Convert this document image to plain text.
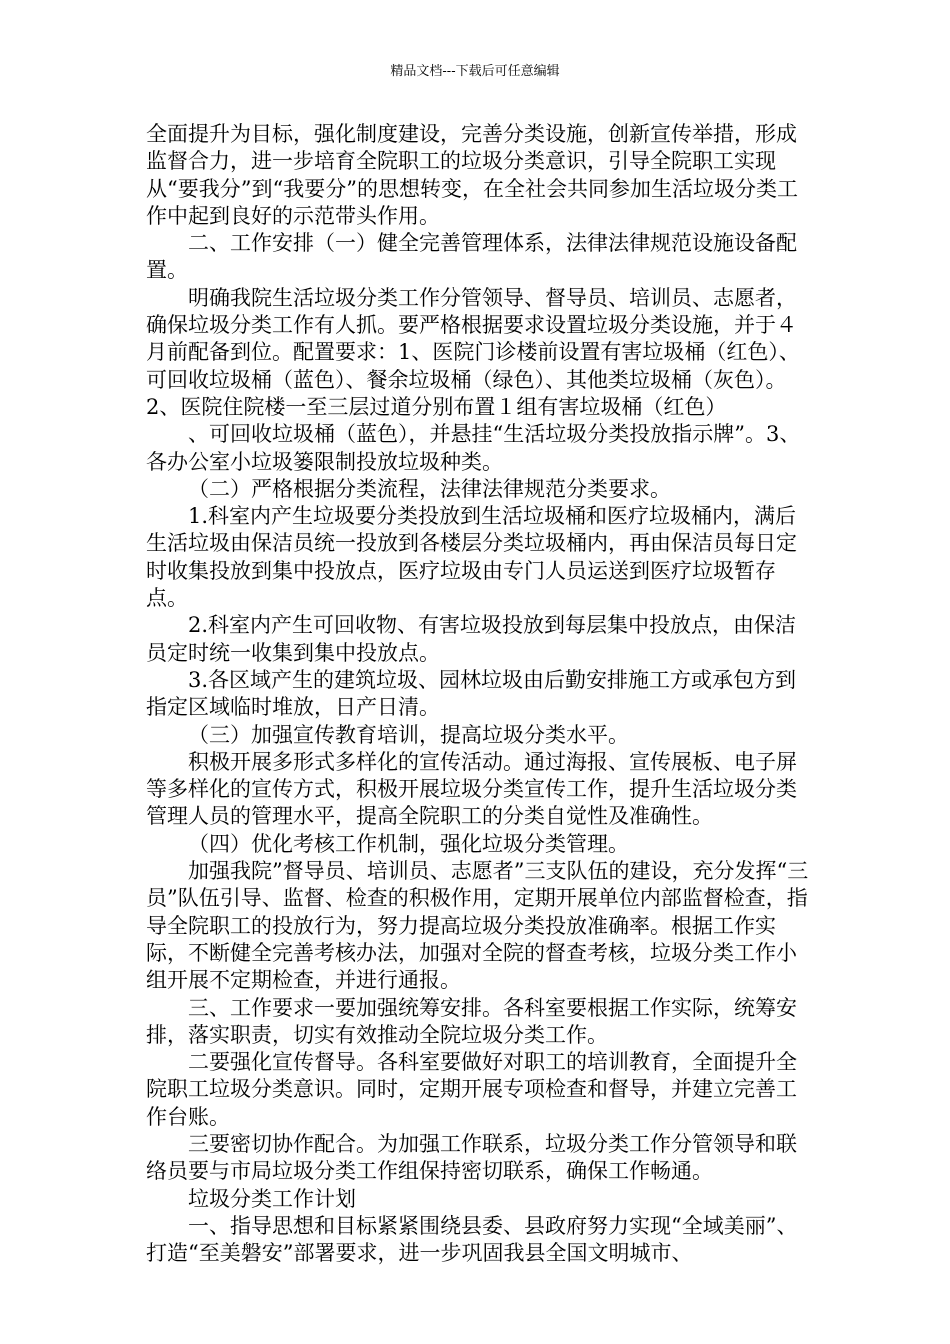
精品文档---下载后可任意编辑

全面提升为目标，强化制度建设，完善分类设施，创新宣传举措，形成监督合力，进一步培育全院职工的垃圾分类意识，引导全院职工实现从“要我分”到“我要分”的思想转变，在全社会共同参加生活垃圾分类工作中起到良好的示范带头作用。

二、工作安排（一）健全完善管理体系，法律法律规范设施设备配置。

明确我院生活垃圾分类工作分管领导、督导员、培训员、志愿者，确保垃圾分类工作有人抓。要严格根据要求设置垃圾分类设施，并于４月前配备到位。配置要求：1、医院门诊楼前设置有害垃圾桶（红色）、可回收垃圾桶（蓝色）、餐余垃圾桶（绿色）、其他类垃圾桶（灰色）。2、医院住院楼一至三层过道分别布置１组有害垃圾桶（红色）

、可回收垃圾桶（蓝色），并悬挂“生活垃圾分类投放指示牌”。3、各办公室小垃圾篓限制投放垃圾种类。

（二）严格根据分类流程，法律法律规范分类要求。

1.科室内产生垃圾要分类投放到生活垃圾桶和医疗垃圾桶内，满后生活垃圾由保洁员统一投放到各楼层分类垃圾桶内，再由保洁员每日定时收集投放到集中投放点，医疗垃圾由专门人员运送到医疗垃圾暂存点。

2.科室内产生可回收物、有害垃圾投放到每层集中投放点，由保洁员定时统一收集到集中投放点。

3.各区域产生的建筑垃圾、园林垃圾由后勤安排施工方或承包方到指定区域临时堆放，日产日清。

（三）加强宣传教育培训，提高垃圾分类水平。

积极开展多形式多样化的宣传活动。通过海报、宣传展板、电子屏等多样化的宣传方式，积极开展垃圾分类宣传工作，提升生活垃圾分类管理人员的管理水平，提高全院职工的分类自觉性及准确性。

（四）优化考核工作机制，强化垃圾分类管理。

加强我院”督导员、培训员、志愿者”三支队伍的建设，充分发挥“三员”队伍引导、监督、检查的积极作用，定期开展单位内部监督检查，指导全院职工的投放行为，努力提高垃圾分类投放准确率。根据工作实际，不断健全完善考核办法，加强对全院的督查考核，垃圾分类工作小组开展不定期检查，并进行通报。

三、工作要求一要加强统筹安排。各科室要根据工作实际，统筹安排，落实职责，切实有效推动全院垃圾分类工作。

二要强化宣传督导。各科室要做好对职工的培训教育，全面提升全院职工垃圾分类意识。同时，定期开展专项检查和督导，并建立完善工作台账。

三要密切协作配合。为加强工作联系，垃圾分类工作分管领导和联络员要与市局垃圾分类工作组保持密切联系，确保工作畅通。

垃圾分类工作计划

一、指导思想和目标紧紧围绕县委、县政府努力实现“全域美丽”、打造“至美磐安”部署要求，进一步巩固我县全国文明城市、
